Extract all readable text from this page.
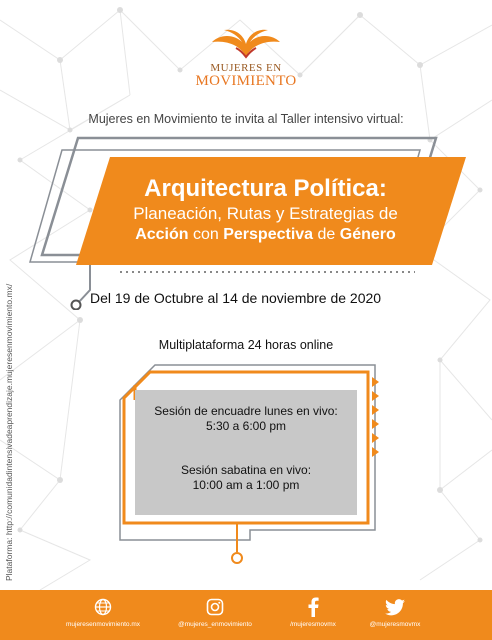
MUJERES EN
MOVIMIENTO
Mujeres en Movimiento te invita al Taller intensivo virtual:
Arquitectura Política:
Planeación, Rutas y Estrategias de
Acción con Perspectiva de Género
Del 19 de Octubre al 14 de noviembre de 2020
Multiplataforma 24 horas online
Sesión de encuadre lunes en vivo:
5:30 a 6:00 pm
Sesión sabatina en vivo:
10:00 am a 1:00 pm
Plataforma: http://comunidadintensivadeaprendizaje.mujeresenmovimiento.mx/
mujeresenmovimiento.mx	@mujeres_enmovimiento	/mujeresmovmx	@mujeresmovmx
